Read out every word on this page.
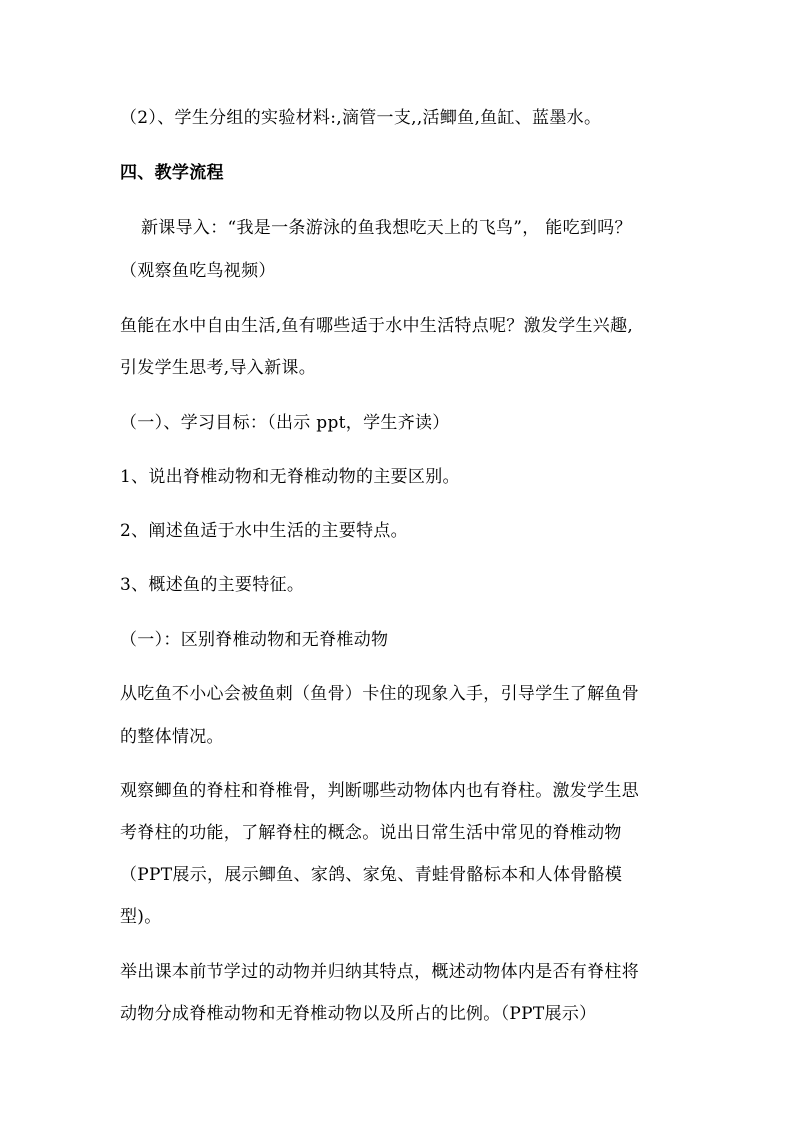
（2）、学生分组的实验材料:,滴管一支,,活鲫鱼,鱼缸、蓝墨水。
四、教学流程
新课导入：“我是一条游泳的鱼我想吃天上的飞鸟”， 能吃到吗？
（观察鱼吃鸟视频）
鱼能在水中自由生活,鱼有哪些适于水中生活特点呢？激发学生兴趣,
引发学生思考,导入新课。
（一）、学习目标：（出示 ppt，学生齐读）
1、说出脊椎动物和无脊椎动物的主要区别。
2、阐述鱼适于水中生活的主要特点。
3、概述鱼的主要特征。
（一）：区别脊椎动物和无脊椎动物
从吃鱼不小心会被鱼刺（鱼骨）卡住的现象入手，引导学生了解鱼骨
的整体情况。
观察鲫鱼的脊柱和脊椎骨，判断哪些动物体内也有脊柱。激发学生思
考脊柱的功能，了解脊柱的概念。说出日常生活中常见的脊椎动物
（PPT展示，展示鲫鱼、家鸽、家兔、青蛙骨骼标本和人体骨骼模
型)。
举出课本前节学过的动物并归纳其特点，概述动物体内是否有脊柱将
动物分成脊椎动物和无脊椎动物以及所占的比例。（PPT展示）
